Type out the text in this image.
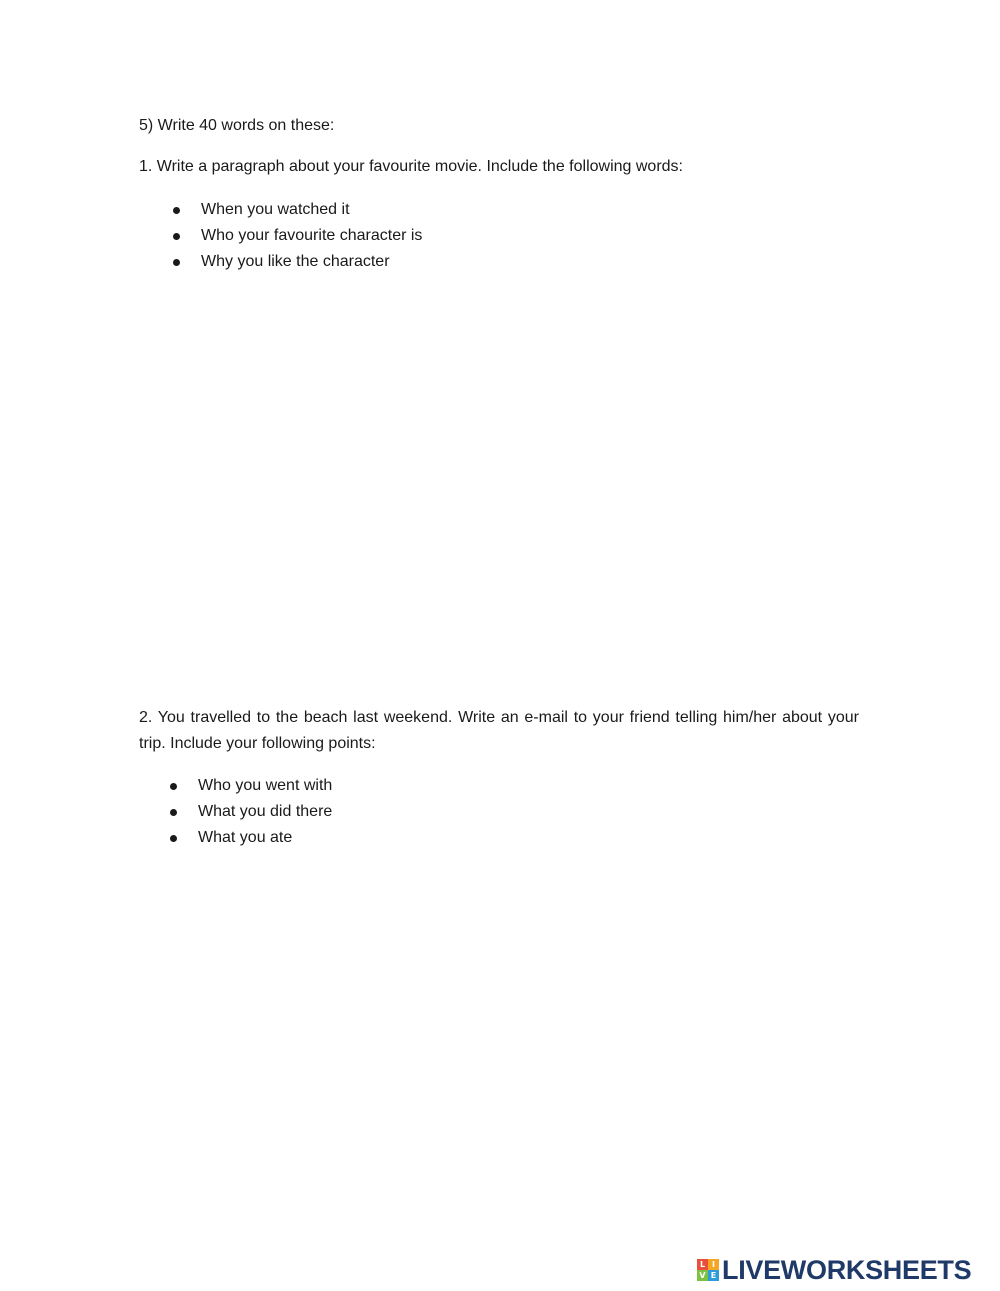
5) Write 40 words on these:
1. Write a paragraph about your favourite movie. Include the following words:
When you watched it
Who your favourite character is
Why you like the character
2. You travelled to the beach last weekend. Write an e-mail to your friend telling him/her about your trip. Include your following points:
Who you went with
What you did there
What you ate
L I
V E LIVEWORKSHEETS
